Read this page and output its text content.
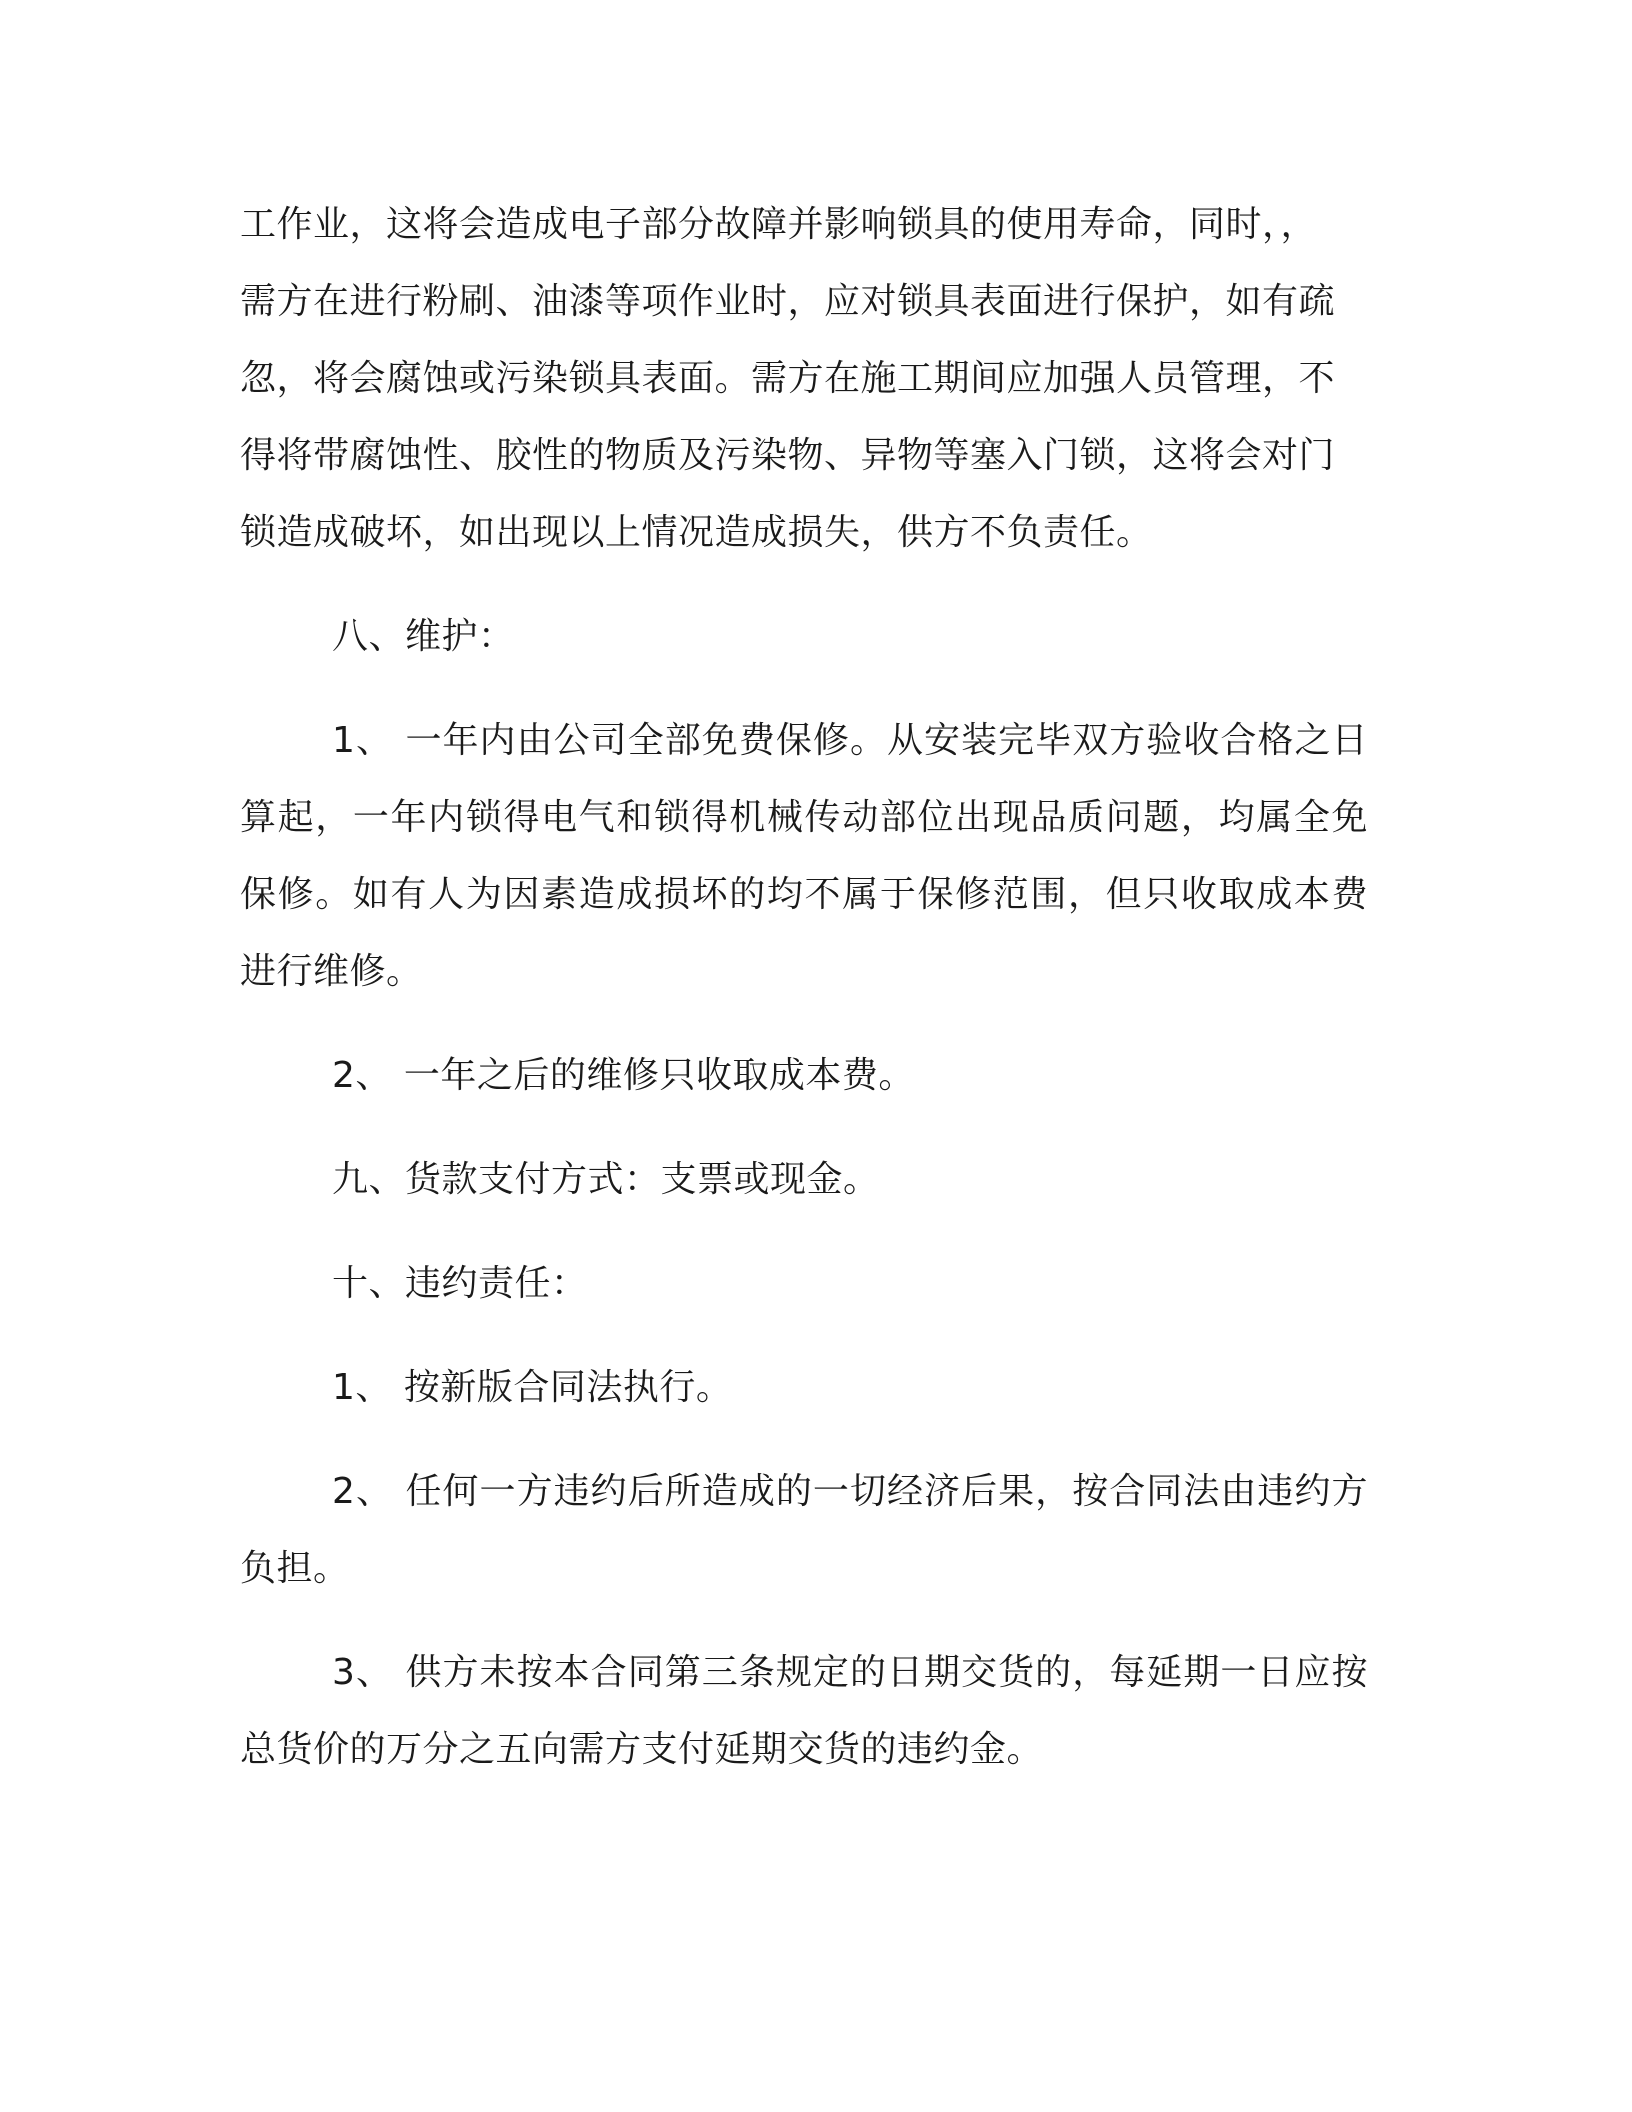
工作业，这将会造成电子部分故障并影响锁具的使用寿命，同时，，
需方在进行粉刷、油漆等项作业时，应对锁具表面进行保护，如有疏
忽，将会腐蚀或污染锁具表面。需方在施工期间应加强人员管理，不
得将带腐蚀性、胶性的物质及污染物、异物等塞入门锁，这将会对门
锁造成破坏，如出现以上情况造成损失，供方不负责任。

八、维护：

1、 一年内由公司全部免费保修。从安装完毕双方验收合格之日算起，一年内锁得电气和锁得机械传动部位出现品质问题，均属全免保修。如有人为因素造成损坏的均不属于保修范围，但只收取成本费进行维修。

2、 一年之后的维修只收取成本费。

九、货款支付方式：支票或现金。

十、违约责任：

1、 按新版合同法执行。

2、 任何一方违约后所造成的一切经济后果，按合同法由违约方负担。

3、 供方未按本合同第三条规定的日期交货的，每延期一日应按总货价的万分之五向需方支付延期交货的违约金。
